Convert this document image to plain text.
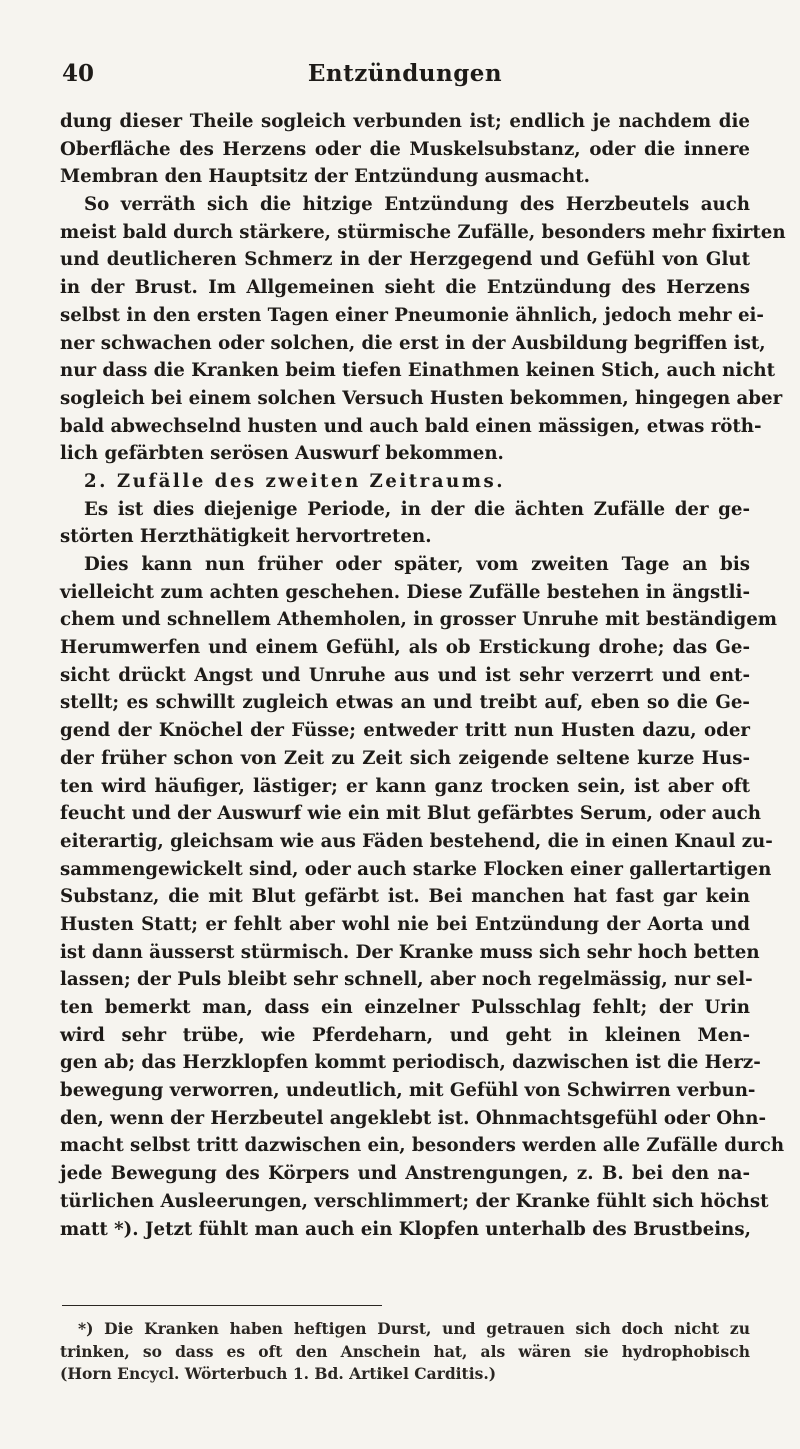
40	Entzündungen
dung dieser Theile sogleich verbunden ist; endlich je nachdem die
Oberfläche des Herzens oder die Muskelsubstanz, oder die innere
Membran den Hauptsitz der Entzündung ausmacht.
So verräth sich die hitzige Entzündung des Herzbeutels auch
meist bald durch stärkere, stürmische Zufälle, besonders mehr fixirten
und deutlicheren Schmerz in der Herzgegend und Gefühl von Glut
in der Brust. Im Allgemeinen sieht die Entzündung des Herzens
selbst in den ersten Tagen einer Pneumonie ähnlich, jedoch mehr ei-
ner schwachen oder solchen, die erst in der Ausbildung begriffen ist,
nur dass die Kranken beim tiefen Einathmen keinen Stich, auch nicht
sogleich bei einem solchen Versuch Husten bekommen, hingegen aber
bald abwechselnd husten und auch bald einen mässigen, etwas röth-
lich gefärbten serösen Auswurf bekommen.
2. Zufälle des zweiten Zeitraums.
Es ist dies diejenige Periode, in der die ächten Zufälle der ge-
störten Herzthätigkeit hervortreten.
Dies kann nun früher oder später, vom zweiten Tage an bis
vielleicht zum achten geschehen. Diese Zufälle bestehen in ängstli-
chem und schnellem Athemholen, in grosser Unruhe mit beständigem
Herumwerfen und einem Gefühl, als ob Erstickung drohe; das Ge-
sicht drückt Angst und Unruhe aus und ist sehr verzerrt und ent-
stellt; es schwillt zugleich etwas an und treibt auf, eben so die Ge-
gend der Knöchel der Füsse; entweder tritt nun Husten dazu, oder
der früher schon von Zeit zu Zeit sich zeigende seltene kurze Hus-
ten wird häufiger, lästiger; er kann ganz trocken sein, ist aber oft
feucht und der Auswurf wie ein mit Blut gefärbtes Serum, oder auch
eiterartig, gleichsam wie aus Fäden bestehend, die in einen Knaul zu-
sammengewickelt sind, oder auch starke Flocken einer gallertartigen
Substanz, die mit Blut gefärbt ist. Bei manchen hat fast gar kein
Husten Statt; er fehlt aber wohl nie bei Entzündung der Aorta und
ist dann äusserst stürmisch. Der Kranke muss sich sehr hoch betten
lassen; der Puls bleibt sehr schnell, aber noch regelmässig, nur sel-
ten bemerkt man, dass ein einzelner Pulsschlag fehlt; der Urin
wird sehr trübe, wie Pferdeharn, und geht in kleinen Men-
gen ab; das Herzklopfen kommt periodisch, dazwischen ist die Herz-
bewegung verworren, undeutlich, mit Gefühl von Schwirren verbun-
den, wenn der Herzbeutel angeklebt ist. Ohnmachtsgefühl oder Ohn-
macht selbst tritt dazwischen ein, besonders werden alle Zufälle durch
jede Bewegung des Körpers und Anstrengungen, z. B. bei den na-
türlichen Ausleerungen, verschlimmert; der Kranke fühlt sich höchst
matt *). Jetzt fühlt man auch ein Klopfen unterhalb des Brustbeins,
*) Die Kranken haben heftigen Durst, und getrauen sich doch nicht zu
trinken, so dass es oft den Anschein hat, als wären sie hydrophobisch
(Horn Encycl. Wörterbuch 1. Bd. Artikel Carditis.)
